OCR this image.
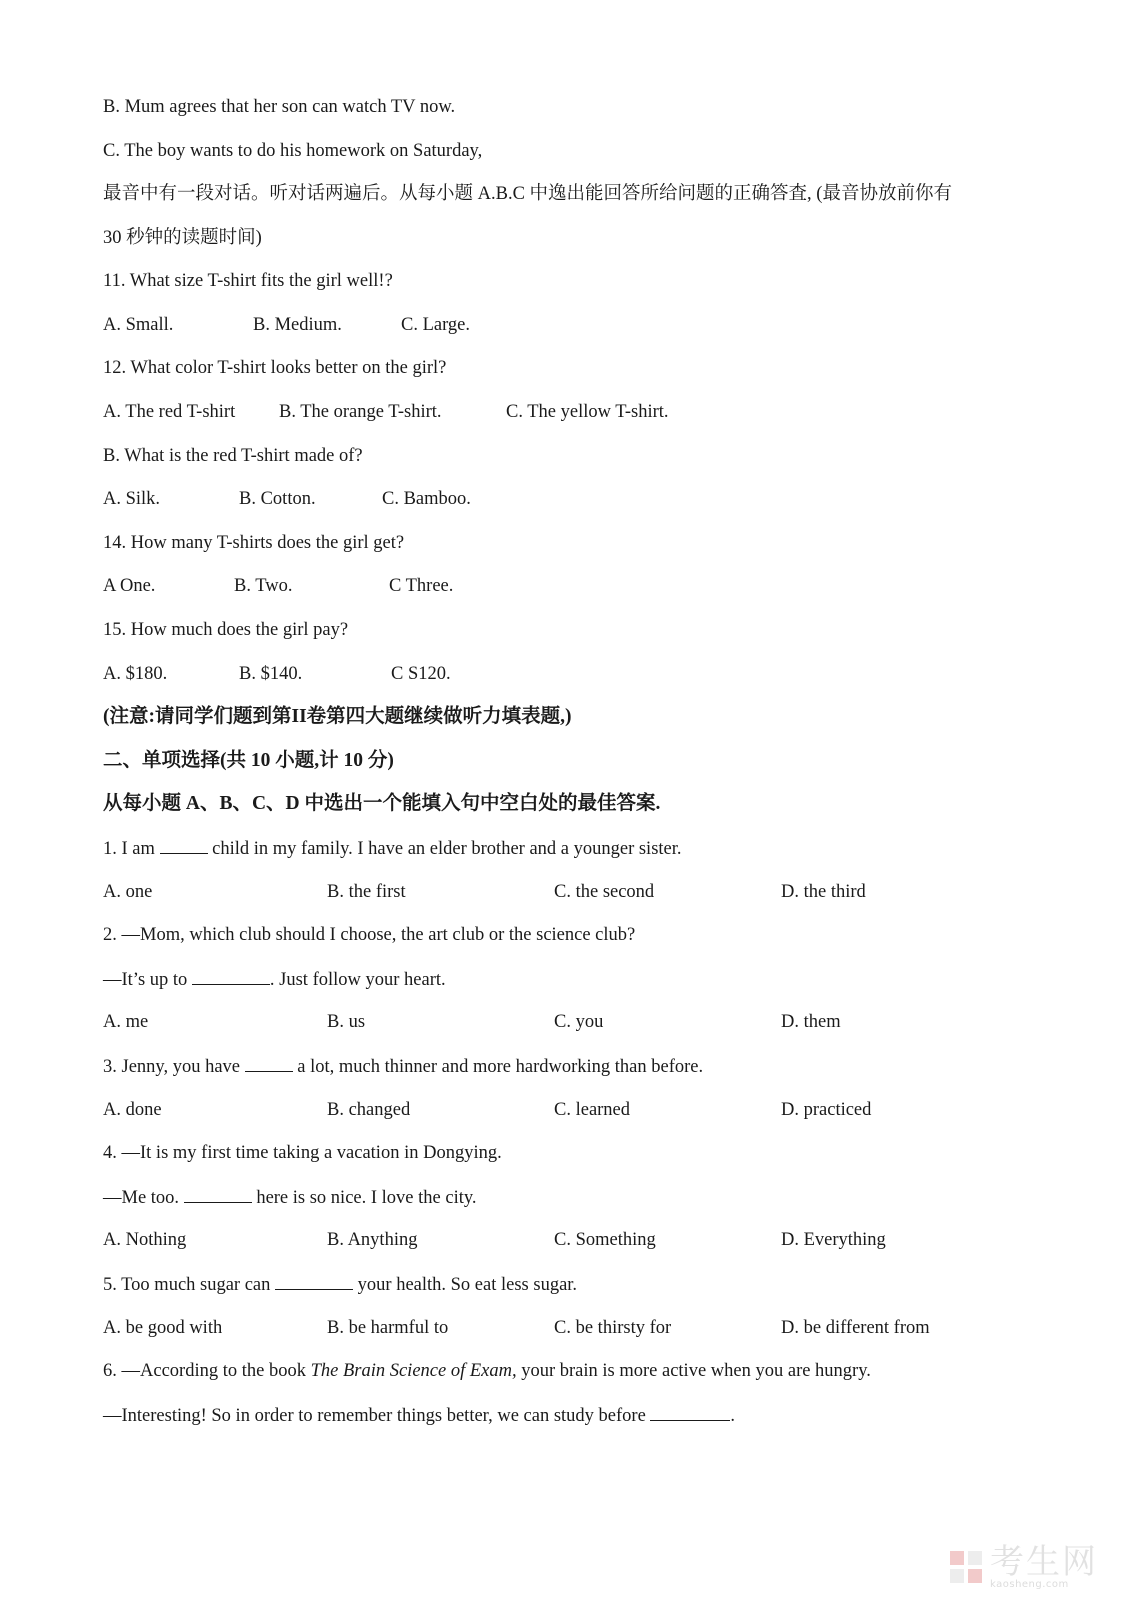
B. Mum agrees that her son can watch TV now.
C. The boy wants to do his homework on Saturday,
最音中有一段对话。听对话两遍后。从每小题 A.B.C 中逸出能回答所给问题的正确答査, (最音协放前你有
30 秒钟的读题时间)
11. What size T-shirt fits the girl well!?
A. Small.	B. Medium.	C. Large.
12. What color T-shirt looks better on the girl?
A. The red T-shirt B. The orange T-shirt.	C. The yellow T-shirt.
B. What is the red T-shirt made of?
A. Silk.	B. Cotton.	C. Bamboo.
14. How many T-shirts does the girl get?
A One.	B. Two.	C Three.
15. How much does the girl pay?
A. $180.	B. $140.	C S120.
(注意:请同学们题到第II卷第四大题继续做听力填表题,)
二、单项选择(共 10 小题,计 10 分)
从每小题 A、B、C、D 中选出一个能填入句中空白处的最佳答案.
1. I am	child in my family. I have an elder brother and a younger sister.
A. one	B. the first	C. the second	D. the third
2. —Mom, which club should I choose, the art club or the science club?
—It’s up to	. Just follow your heart.
A. me	B. us	C. you	D. them
3. Jenny, you have	a lot, much thinner and more hardworking than before.
A. done	B. changed	C. learned	D. practiced
4. —It is my first time taking a vacation in Dongying.
—Me too.	here is so nice. I love the city.
A. Nothing	B. Anything	C. Something	D. Everything
5. Too much sugar can	your health. So eat less sugar.
A. be good with	B. be harmful to	C. be thirsty for	D. be different from
6. —According to the book The Brain Science of Exam, your brain is more active when you are hungry.
—Interesting! So in order to remember things better, we can study before	.
考生网
kaosheng.com
